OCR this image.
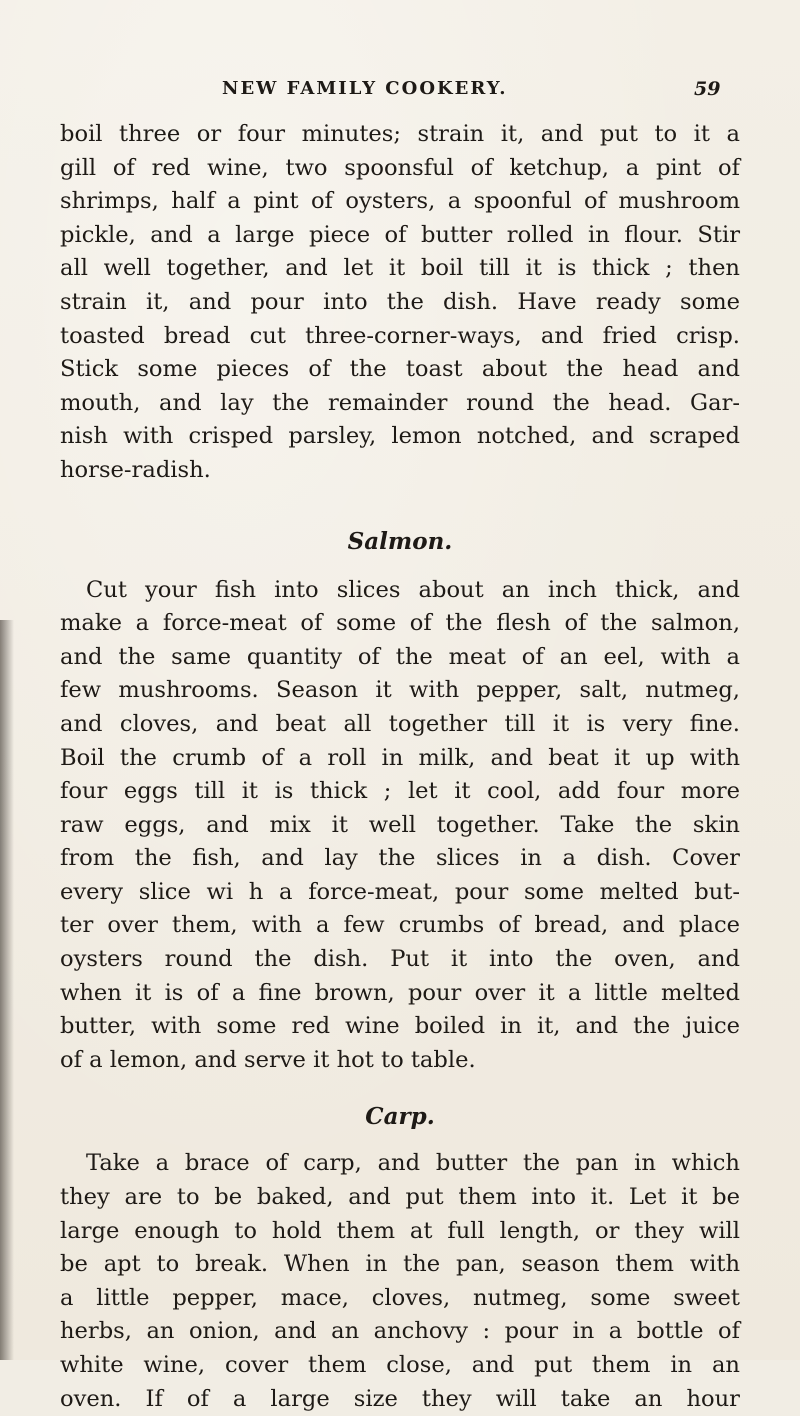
NEW FAMILY COOKERY.	59

boil three or four minutes; strain it, and put to it a
gill of red wine, two spoonsful of ketchup, a pint of
shrimps, half a pint of oysters, a spoonful of mushroom
pickle, and a large piece of butter rolled in flour. Stir
all well together, and let it boil till it is thick ; then
strain it, and pour into the dish. Have ready some
toasted bread cut three-corner-ways, and fried crisp.
Stick some pieces of the toast about the head and
mouth, and lay the remainder round the head. Gar-
nish with crisped parsley, lemon notched, and scraped
horse-radish.

Salmon.

Cut your fish into slices about an inch thick, and
make a force-meat of some of the flesh of the salmon,
and the same quantity of the meat of an eel, with a
few mushrooms. Season it with pepper, salt, nutmeg,
and cloves, and beat all together till it is very fine.
Boil the crumb of a roll in milk, and beat it up with
four eggs till it is thick ; let it cool, add four more
raw eggs, and mix it well together. Take the skin
from the fish, and lay the slices in a dish. Cover
every slice wi h a force-meat, pour some melted but-
ter over them, with a few crumbs of bread, and place
oysters round the dish. Put it into the oven, and
when it is of a fine brown, pour over it a little melted
butter, with some red wine boiled in it, and the juice
of a lemon, and serve it hot to table.

Carp.

Take a brace of carp, and butter the pan in which
they are to be baked, and put them into it. Let it be
large enough to hold them at full length, or they will
be apt to break. When in the pan, season them with
a little pepper, mace, cloves, nutmeg, some sweet
herbs, an onion, and an anchovy : pour in a bottle of
white wine, cover them close, and put them in an
oven. If of a large size they will take an hour
